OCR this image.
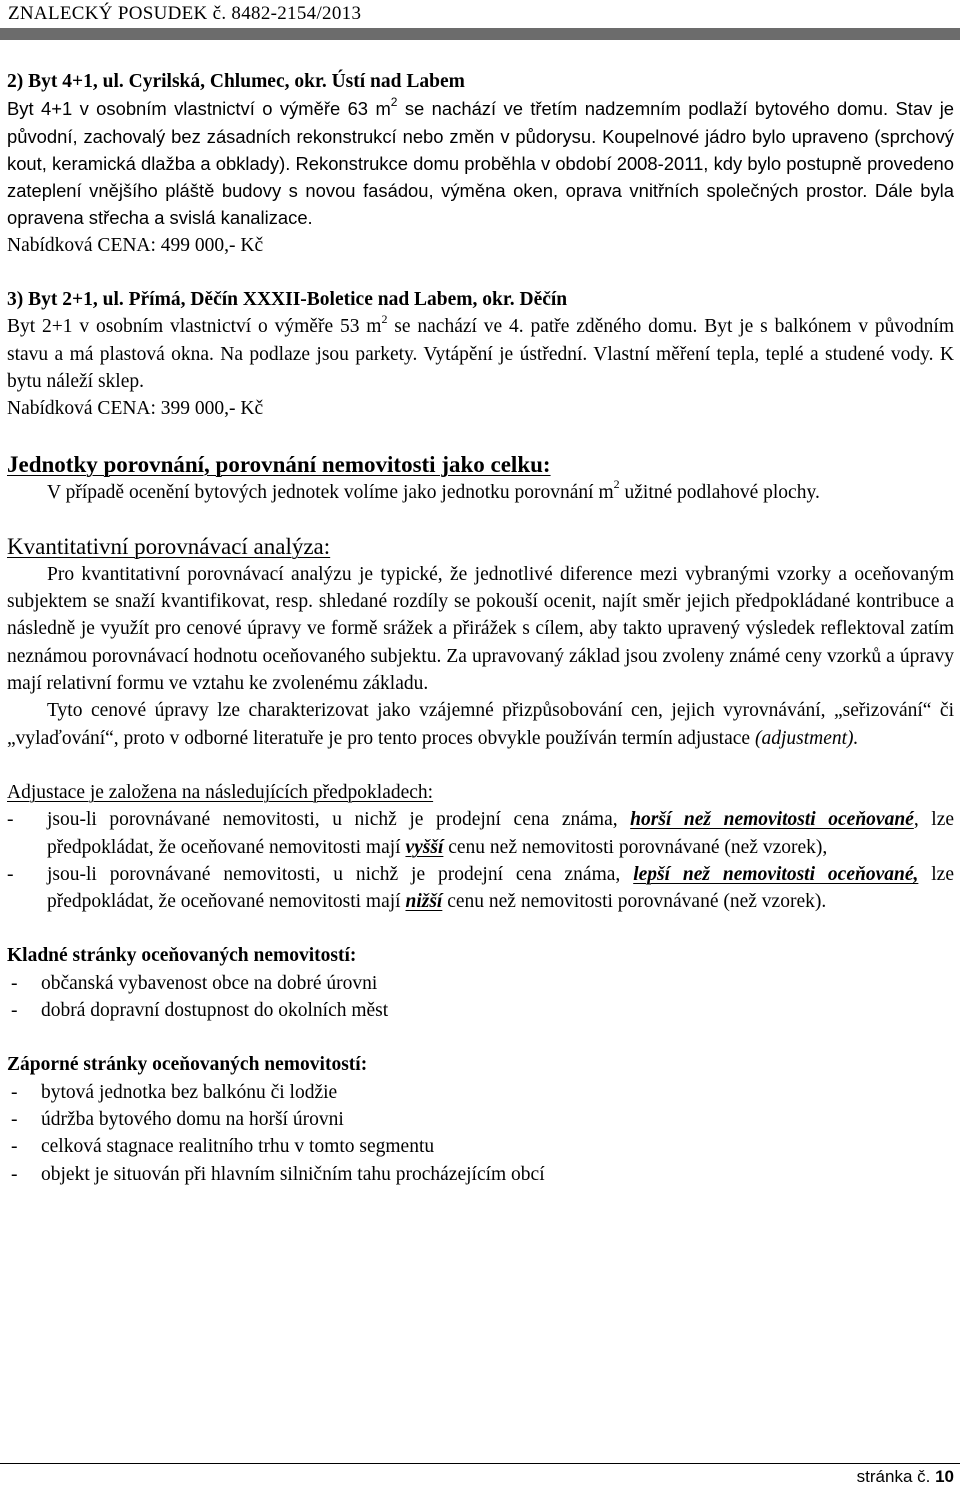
ZNALECKÝ POSUDEK č. 8482-2154/2013

2) Byt 4+1, ul. Cyrilská, Chlumec, okr. Ústí nad Labem

Byt 4+1 v osobním vlastnictví o výměře 63 $m^2$ se nachází ve třetím nadzemním podlaží bytového domu. Stav je původní, zachovalý bez zásadních rekonstrukcí nebo změn v půdorysu. Koupelnové jádro bylo upraveno (sprchový kout, keramická dlažba a obklady). Rekonstrukce domu proběhla v období 2008-2011, kdy bylo postupně provedeno zateplení vnějšího pláště budovy s novou fasádou, výměna oken, oprava vnitřních společných prostor. Dále byla opravena střecha a svislá kanalizace.

Nabídková CENA: 499 000,- Kč

3) Byt 2+1, ul. Přímá, Děčín XXXII-Boletice nad Labem, okr. Děčín

Byt 2+1 v osobním vlastnictví o výměře 53 $m^2$ se nachází ve 4. patře zděného domu. Byt je s balkónem v původním stavu a má plastová okna. Na podlaze jsou parkety. Vytápění je ústřední. Vlastní měření tepla, teplé a studené vody. K bytu náleží sklep.

Nabídková CENA: 399 000,- Kč

Jednotky porovnání, porovnání nemovitosti jako celku:

V případě ocenění bytových jednotek volíme jako jednotku porovnání $m^2$ užitné podlahové plochy.

Kvantitativní porovnávací analýza:

Pro kvantitativní porovnávací analýzu je typické, že jednotlivé diference mezi vybranými vzorky a oceňovaným subjektem se snaží kvantifikovat, resp. shledané rozdíly se pokouší ocenit, najít směr jejich předpokládané kontribuce a následně je využít pro cenové úpravy ve formě srážek a přirážek s cílem, aby takto upravený výsledek reflektoval zatím neznámou porovnávací hodnotu oceňovaného subjektu. Za upravovaný základ jsou zvoleny známé ceny vzorků a úpravy mají relativní formu ve vztahu ke zvolenému základu.

Tyto cenové úpravy lze charakterizovat jako vzájemné přizpůsobování cen, jejich vyrovnávání, „seřizování“ či „vylaďování“, proto v odborné literatuře je pro tento proces obvykle používán termín adjustace (adjustment).

Adjustace je založena na následujících předpokladech:

-	jsou-li porovnávané nemovitosti, u nichž je prodejní cena známa, horší než nemovitosti oceňované, lze předpokládat, že oceňované nemovitosti mají vyšší cenu než nemovitosti porovnávané (než vzorek),
-	jsou-li porovnávané nemovitosti, u nichž je prodejní cena známa, lepší než nemovitosti oceňované, lze předpokládat, že oceňované nemovitosti mají nižší cenu než nemovitosti porovnávané (než vzorek).

Kladné stránky oceňovaných nemovitostí:

-	občanská vybavenost obce na dobré úrovni
-	dobrá dopravní dostupnost do okolních měst

Záporné stránky oceňovaných nemovitostí:

-	bytová jednotka bez balkónu či lodžie
-	údržba bytového domu na horší úrovni
-	celková stagnace realitního trhu v tomto segmentu
-	objekt je situován při hlavním silničním tahu procházejícím obcí
stránka č. 10
